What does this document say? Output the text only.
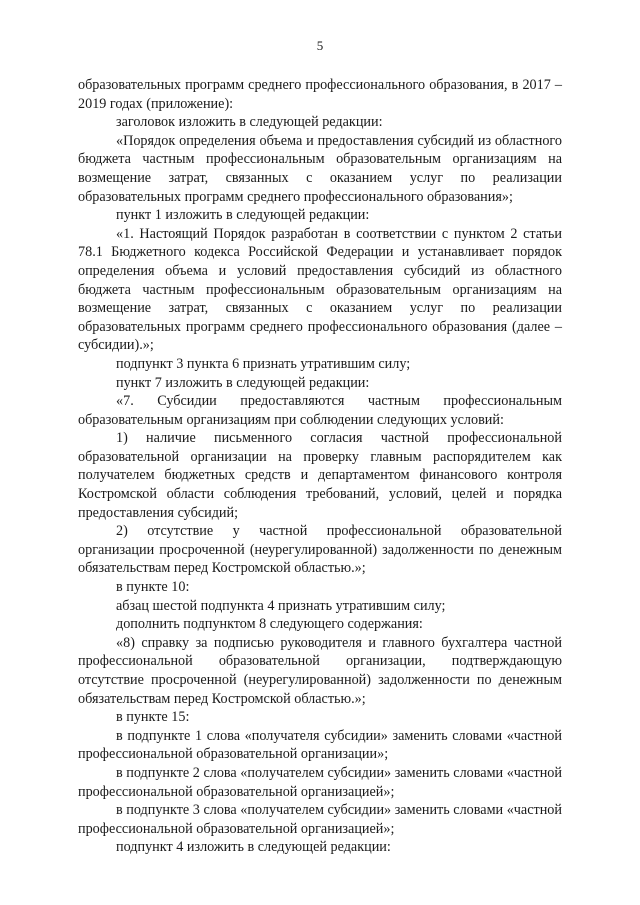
5

образовательных программ среднего профессионального образования, в 2017 – 2019 годах (приложение):

заголовок изложить в следующей редакции:

«Порядок определения объема и предоставления субсидий из областного бюджета частным профессиональным образовательным организациям на возмещение затрат, связанных с оказанием услуг по реализации образовательных программ среднего профессионального образования»;

пункт 1 изложить в следующей редакции:

«1. Настоящий Порядок разработан в соответствии с пунктом 2 статьи 78.1 Бюджетного кодекса Российской Федерации и устанавливает порядок определения объема и условий предоставления субсидий из областного бюджета частным профессиональным образовательным организациям на возмещение затрат, связанных с оказанием услуг по реализации образовательных программ среднего профессионального образования (далее – субсидии).»;

подпункт 3 пункта 6 признать утратившим силу;

пункт 7 изложить в следующей редакции:

«7. Субсидии предоставляются частным профессиональным образовательным организациям при соблюдении следующих условий:

1) наличие письменного согласия частной профессиональной образовательной организации на проверку главным распорядителем как получателем бюджетных средств и департаментом финансового контроля Костромской области соблюдения требований, условий, целей и порядка предоставления субсидий;

2) отсутствие у частной профессиональной образовательной организации просроченной (неурегулированной) задолженности по денежным обязательствам перед Костромской областью.»;

в пункте 10:

абзац шестой подпункта 4 признать утратившим силу;

дополнить подпунктом 8 следующего содержания:

«8) справку за подписью руководителя и главного бухгалтера частной профессиональной образовательной организации, подтверждающую отсутствие просроченной (неурегулированной) задолженности по денежным обязательствам перед Костромской областью.»;

в пункте 15:

в подпункте 1 слова «получателя субсидии» заменить словами «частной профессиональной образовательной организации»;

в подпункте 2 слова «получателем субсидии» заменить словами «частной профессиональной образовательной организацией»;

в подпункте 3 слова «получателем субсидии» заменить словами «частной профессиональной образовательной организацией»;

подпункт 4 изложить в следующей редакции:
